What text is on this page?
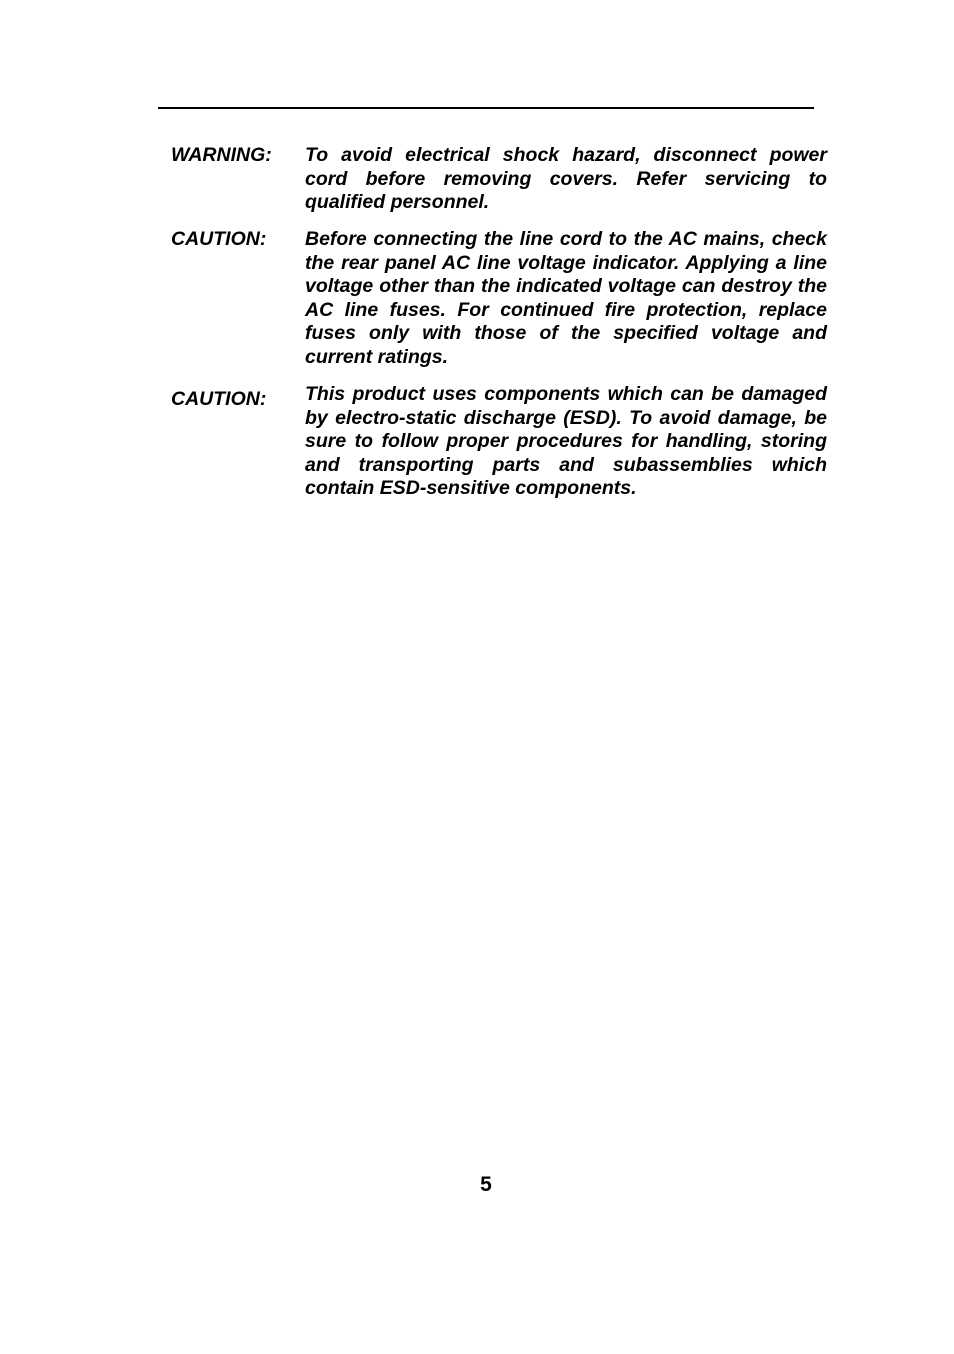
WARNING:	To avoid electrical shock hazard, disconnect power cord before removing covers. Refer servicing to qualified personnel.
CAUTION:	Before connecting the line cord to the AC mains, check the rear panel AC line voltage indicator. Applying a line voltage other than the indicated voltage can destroy the AC line fuses. For continued fire protection, replace fuses only with those of the specified voltage and current ratings.
CAUTION:	This product uses components which can be damaged by electro-static discharge (ESD). To avoid damage, be sure to follow proper procedures for handling, storing and transporting parts and subassemblies which contain ESD-sensitive components.
5
